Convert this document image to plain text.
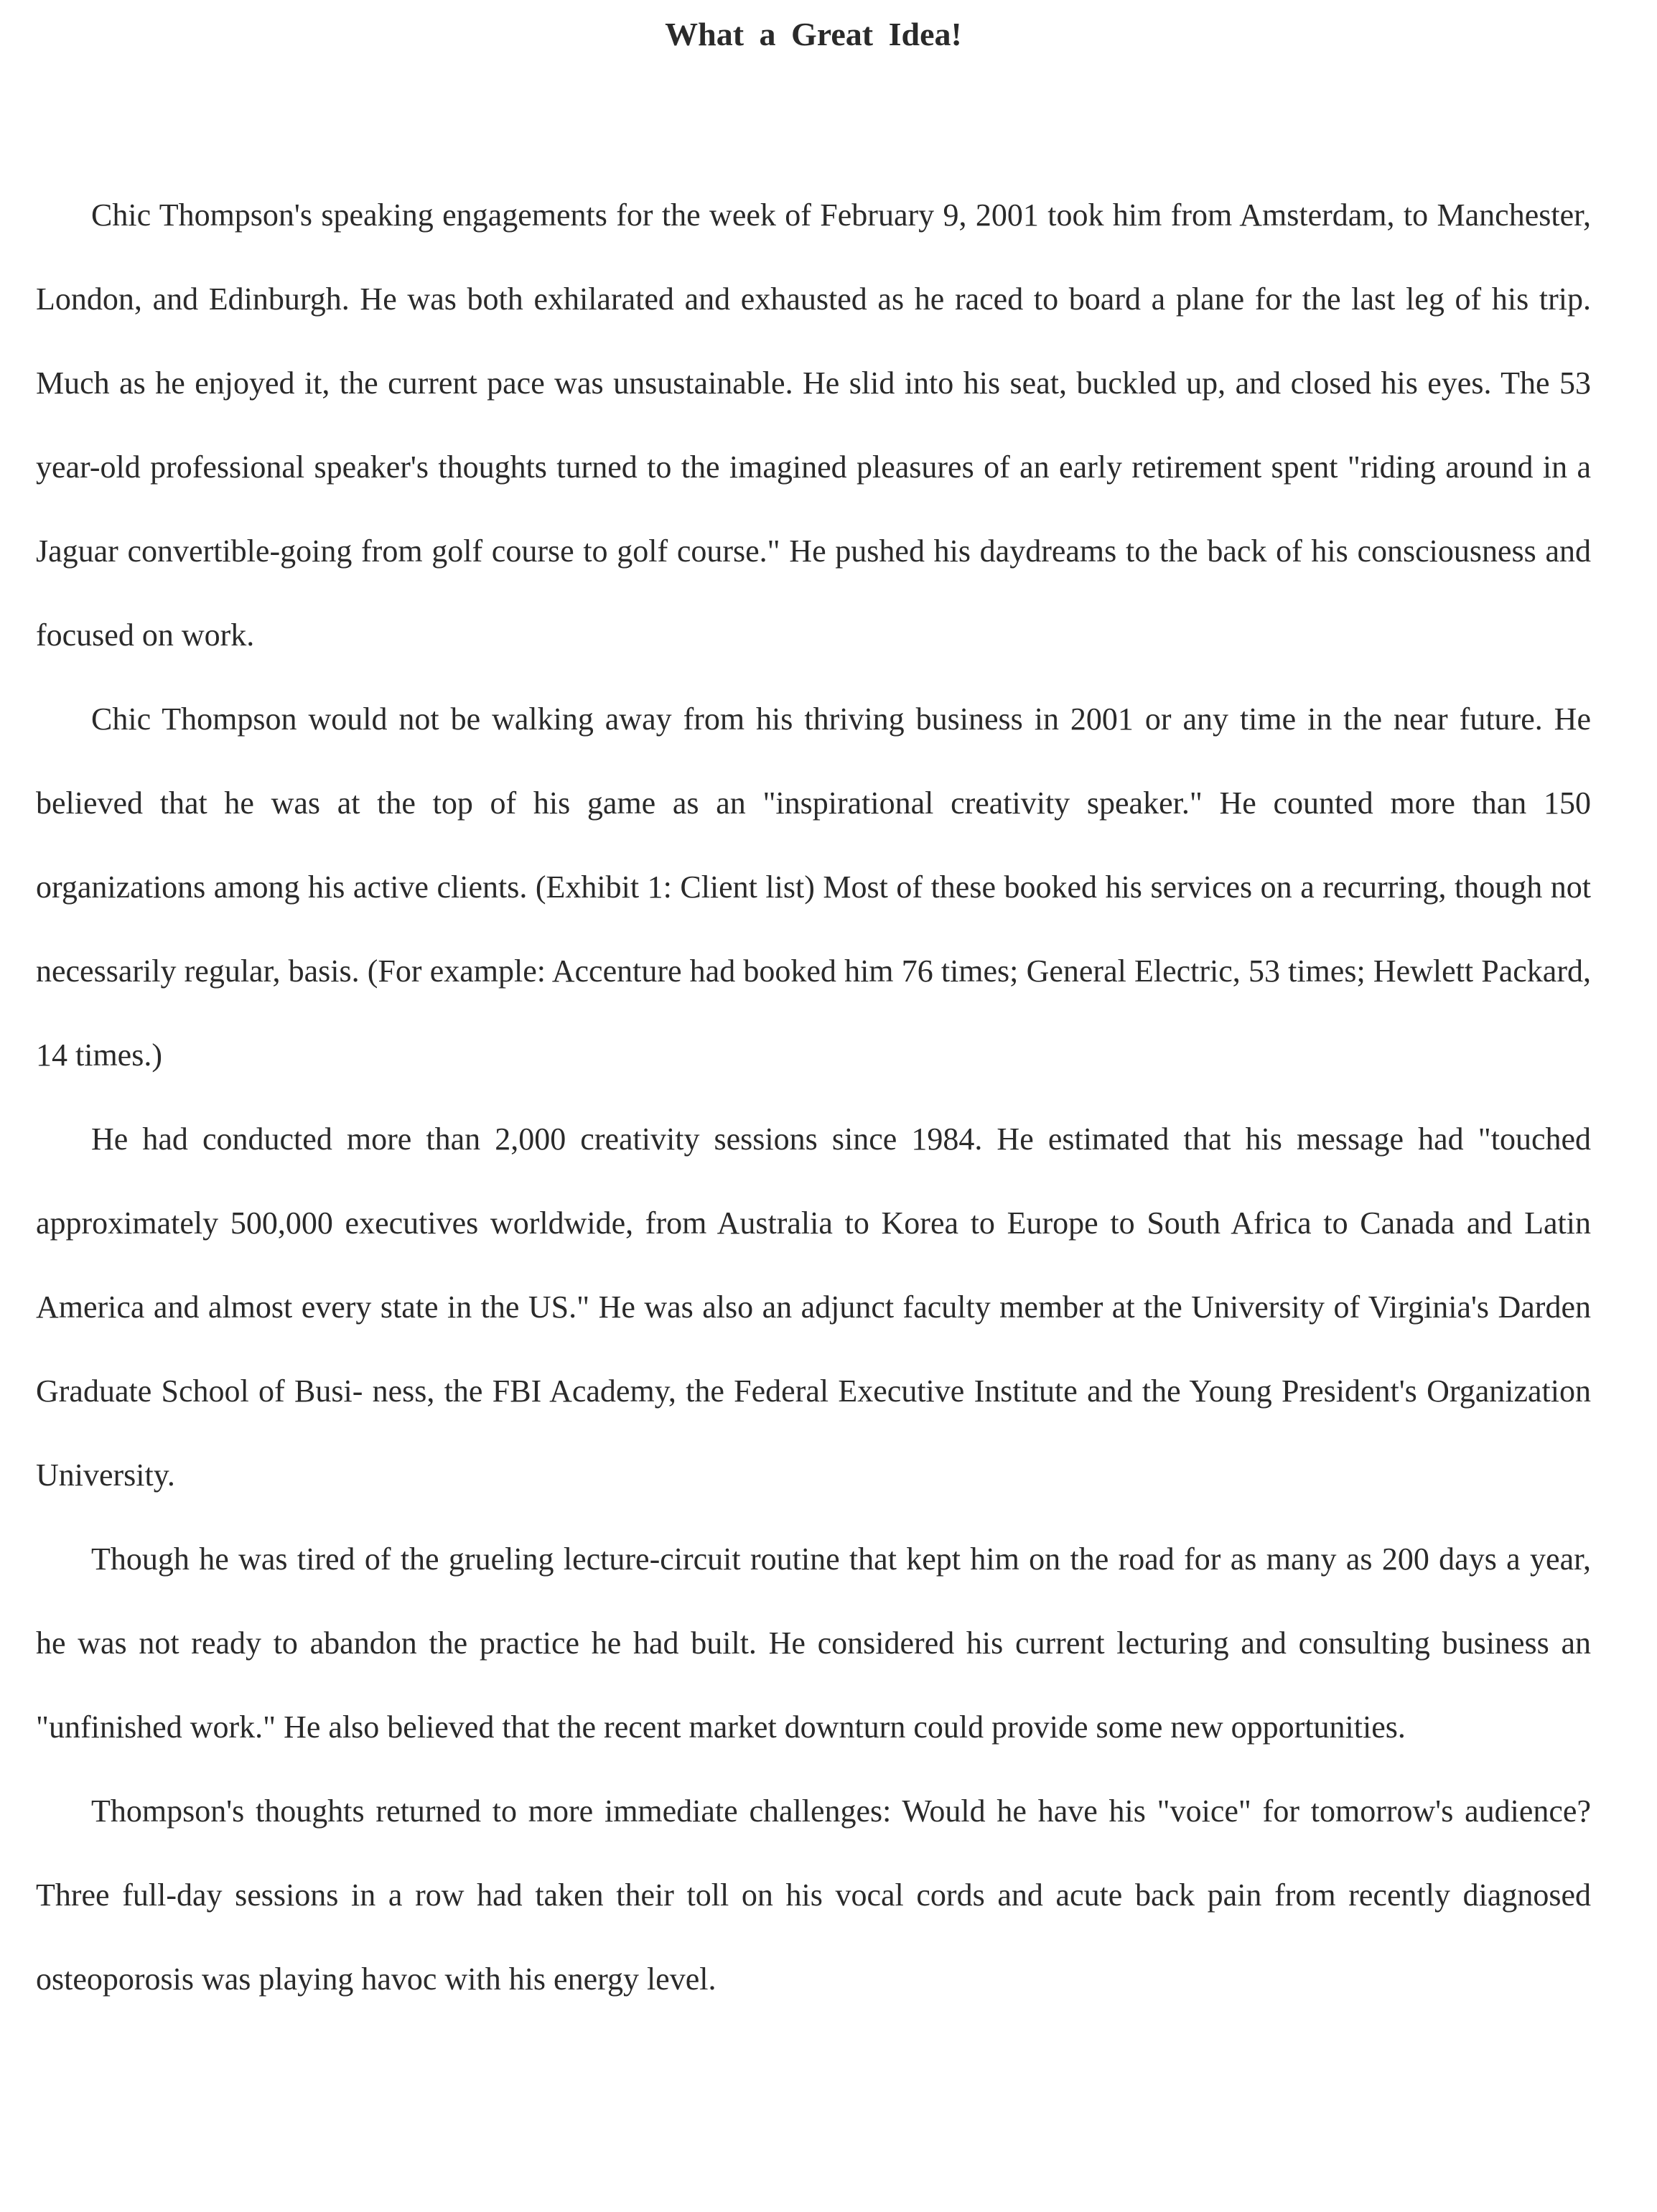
What a Great Idea!

Chic Thompson's speaking engagements for the week of February 9, 2001 took him from Amsterdam, to Manchester, London, and Edinburgh. He was both exhilarated and exhausted as he raced to board a plane for the last leg of his trip. Much as he enjoyed it, the current pace was unsustainable. He slid into his seat, buckled up, and closed his eyes. The 53 year-old professional speaker's thoughts turned to the imagined pleasures of an early retirement spent "riding around in a Jaguar convertible-going from golf course to golf course." He pushed his daydreams to the back of his consciousness and focused on work.

Chic Thompson would not be walking away from his thriving business in 2001 or any time in the near future. He believed that he was at the top of his game as an "inspirational creativity speaker." He counted more than 150 organizations among his active clients. (Exhibit 1: Client list) Most of these booked his services on a recurring, though not necessarily regular, basis. (For example: Accenture had booked him 76 times; General Electric, 53 times; Hewlett Packard, 14 times.)

He had conducted more than 2,000 creativity sessions since 1984. He estimated that his message had "touched approximately 500,000 executives worldwide, from Australia to Korea to Europe to South Africa to Canada and Latin America and almost every state in the US." He was also an adjunct faculty member at the University of Virginia's Darden Graduate School of Busi- ness, the FBI Academy, the Federal Executive Institute and the Young President's Organization University.

Though he was tired of the grueling lecture-circuit routine that kept him on the road for as many as 200 days a year, he was not ready to abandon the practice he had built. He considered his current lecturing and consulting business an "unfinished work." He also believed that the recent market downturn could provide some new opportunities.

Thompson's thoughts returned to more immediate challenges: Would he have his "voice" for tomorrow's audience? Three full-day sessions in a row had taken their toll on his vocal cords and acute back pain from recently diagnosed osteoporosis was playing havoc with his energy level.
